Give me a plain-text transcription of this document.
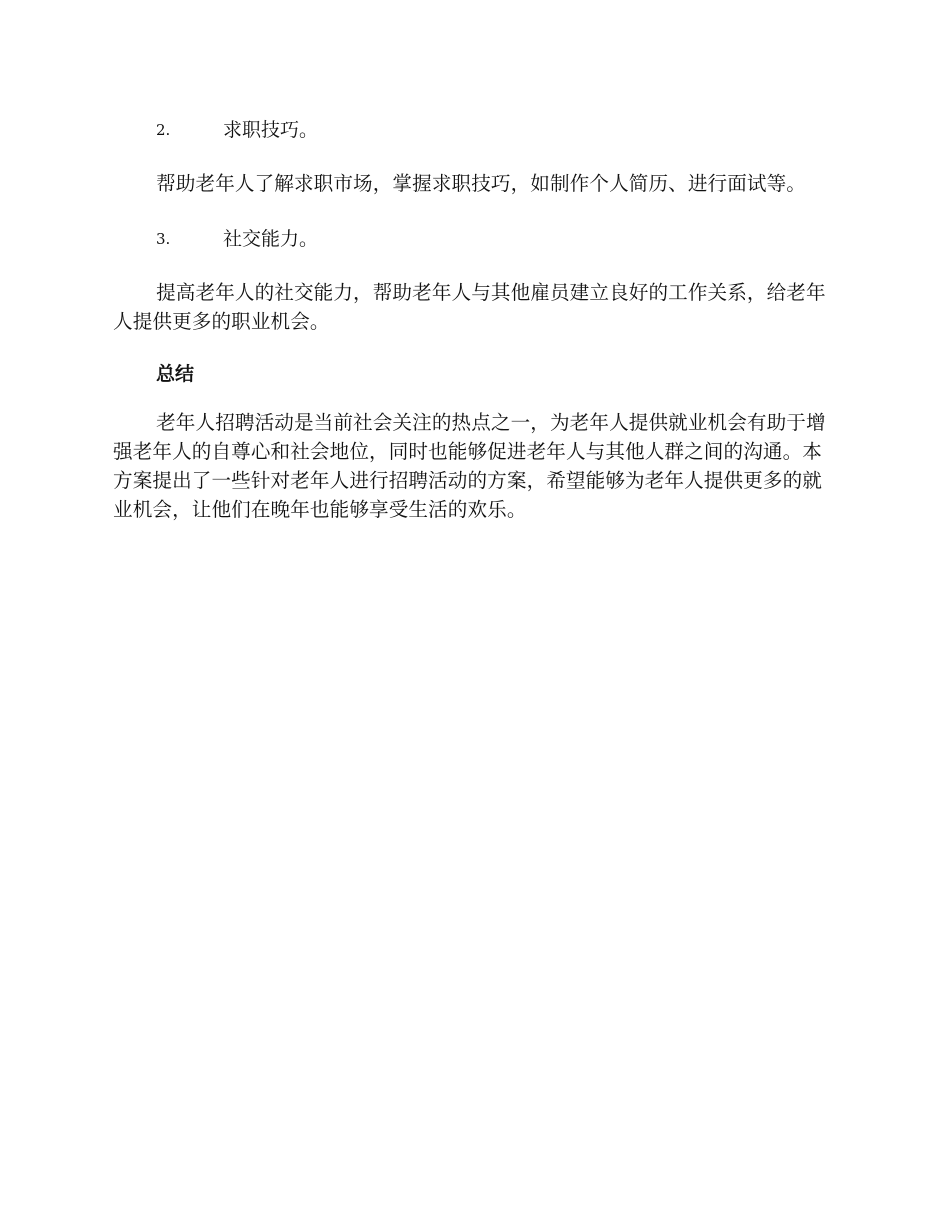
2.	求职技巧。

帮助老年人了解求职市场，掌握求职技巧，如制作个人简历、进行面试等。

3.	社交能力。

提高老年人的社交能力，帮助老年人与其他雇员建立良好的工作关系，给老年人提供更多的职业机会。

总结

老年人招聘活动是当前社会关注的热点之一，为老年人提供就业机会有助于增强老年人的自尊心和社会地位，同时也能够促进老年人与其他人群之间的沟通。本方案提出了一些针对老年人进行招聘活动的方案，希望能够为老年人提供更多的就业机会，让他们在晚年也能够享受生活的欢乐。
